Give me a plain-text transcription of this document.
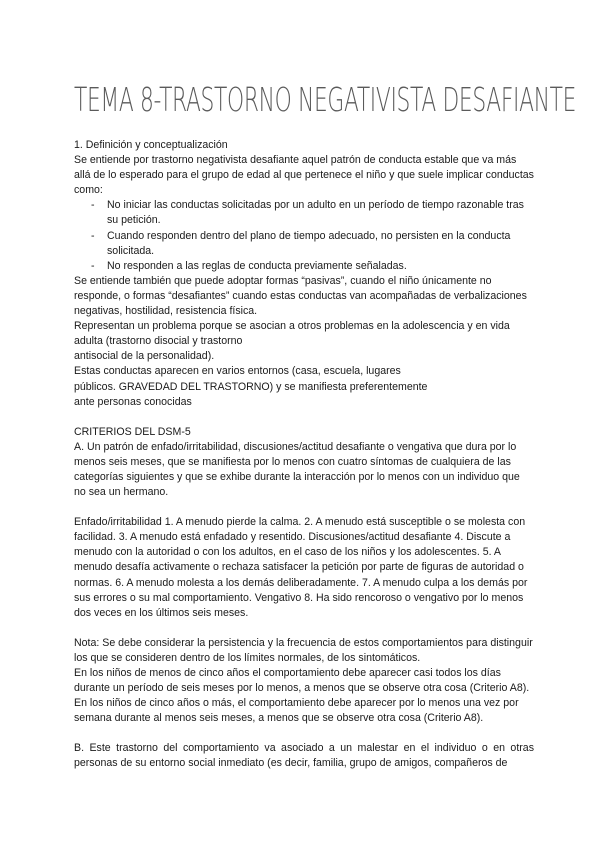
TEMA 8-TRASTORNO NEGATIVISTA DESAFIANTE

1. Definición y conceptualización

Se entiende por trastorno negativista desafiante aquel patrón de conducta estable que va más allá de lo esperado para el grupo de edad al que pertenece el niño y que suele implicar conductas como:

- No iniciar las conductas solicitadas por un adulto en un período de tiempo razonable tras su petición.
- Cuando responden dentro del plano de tiempo adecuado, no persisten en la conducta solicitada.
- No responden a las reglas de conducta previamente señaladas.

Se entiende también que puede adoptar formas “pasivas”, cuando el niño únicamente no responde, o formas “desafiantes” cuando estas conductas van acompañadas de verbalizaciones negativas, hostilidad, resistencia física.

Representan un problema porque se asocian a otros problemas en la adolescencia y en vida adulta (trastorno disocial y trastorno

antisocial de la personalidad).

Estas conductas aparecen en varios entornos (casa, escuela, lugares

públicos. GRAVEDAD DEL TRASTORNO) y se manifiesta preferentemente

ante personas conocidas

CRITERIOS DEL DSM-5

A. Un patrón de enfado/irritabilidad, discusiones/actitud desafiante o vengativa que dura por lo menos seis meses, que se manifiesta por lo menos con cuatro síntomas de cualquiera de las categorías siguientes y que se exhibe durante la interacción por lo menos con un individuo que no sea un hermano.

Enfado/irritabilidad 1. A menudo pierde la calma. 2. A menudo está susceptible o se molesta con facilidad. 3. A menudo está enfadado y resentido. Discusiones/actitud desafiante 4. Discute a menudo con la autoridad o con los adultos, en el caso de los niños y los adolescentes. 5. A menudo desafía activamente o rechaza satisfacer la petición por parte de figuras de autoridad o normas. 6. A menudo molesta a los demás deliberadamente. 7. A menudo culpa a los demás por sus errores o su mal comportamiento. Vengativo 8. Ha sido rencoroso o vengativo por lo menos dos veces en los últimos seis meses.

Nota: Se debe considerar la persistencia y la frecuencia de estos comportamientos para distinguir los que se consideren dentro de los límites normales, de los sintomáticos.

En los niños de menos de cinco años el comportamiento debe aparecer casi todos los días durante un período de seis meses por lo menos, a menos que se observe otra cosa (Criterio A8).

En los niños de cinco años o más, el comportamiento debe aparecer por lo menos una vez por semana durante al menos seis meses, a menos que se observe otra cosa (Criterio A8).

B. Este trastorno del comportamiento va asociado a un malestar en el individuo o en otras personas de su entorno social inmediato (es decir, familia, grupo de amigos, compañeros de
